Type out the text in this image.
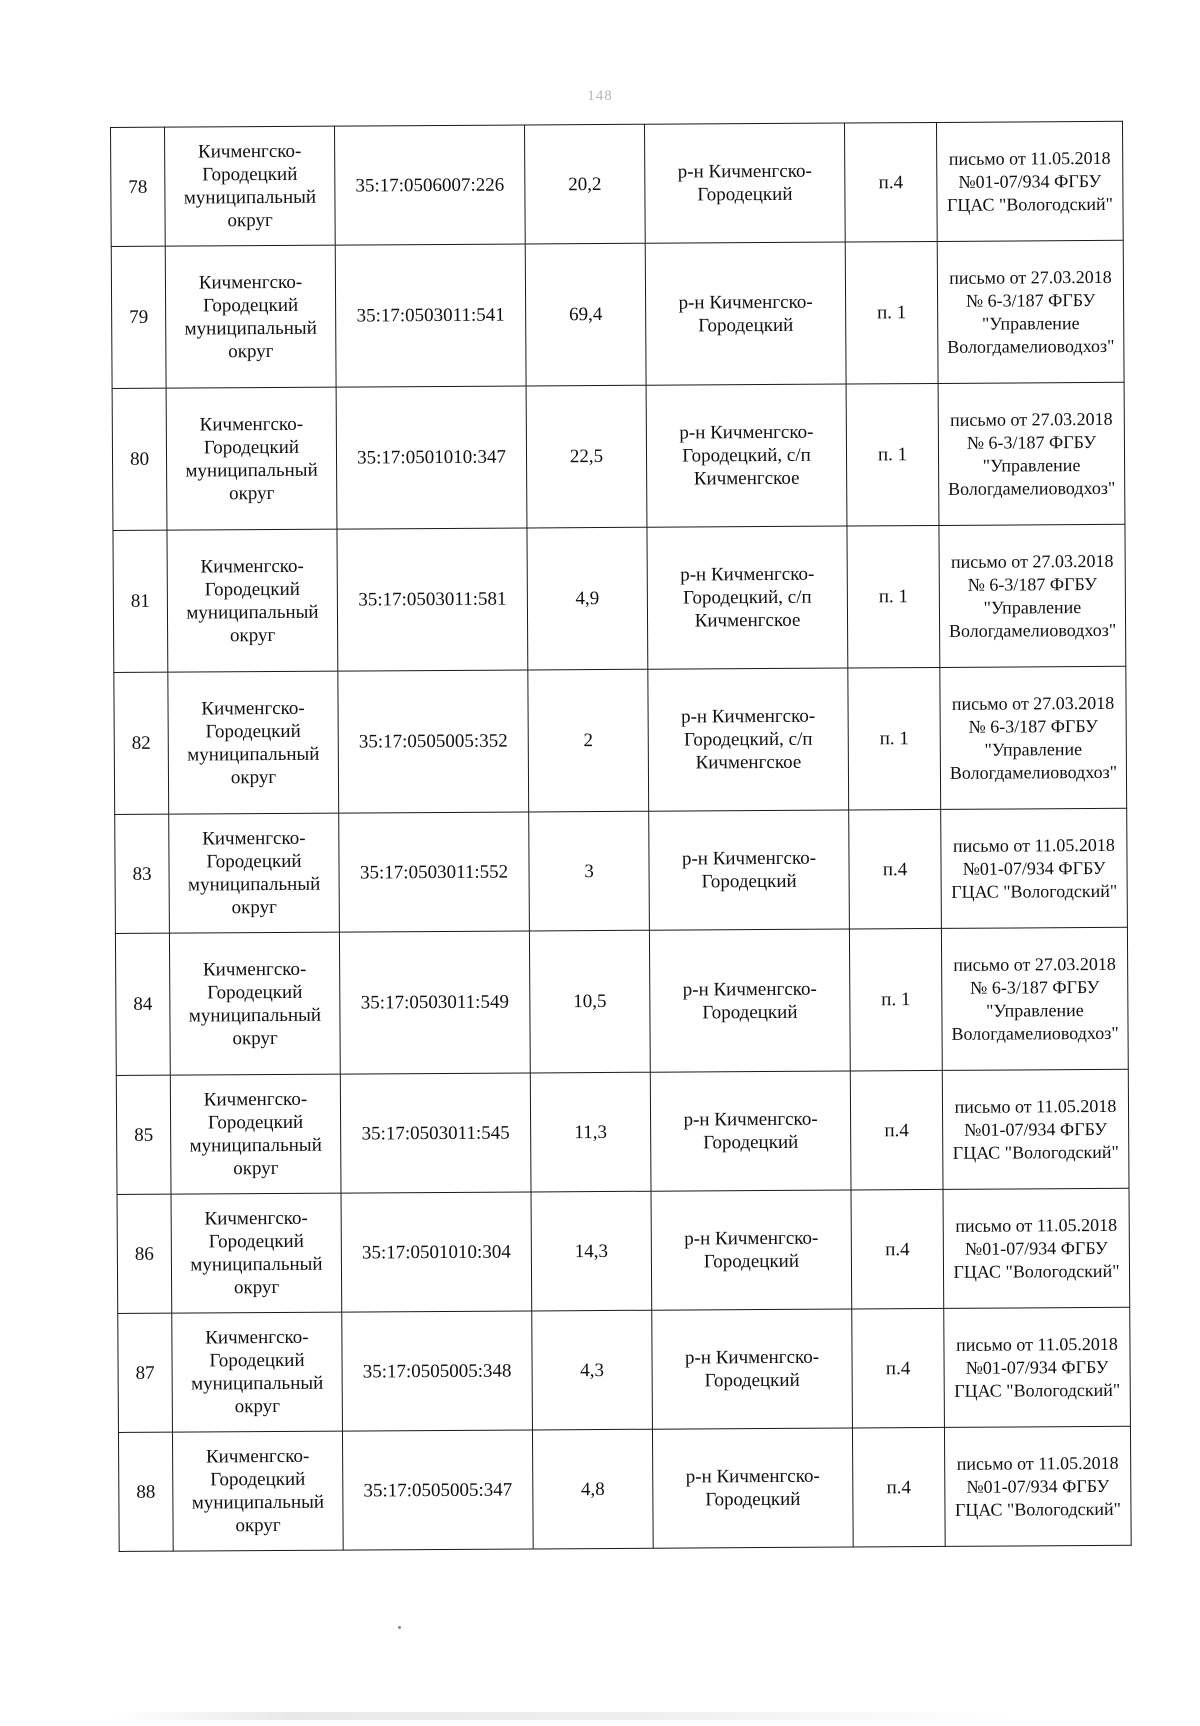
148
78	Кичменгско-Городецкий муниципальный округ	35:17:0506007:226	20,2	р-н Кичменгско-Городецкий	п.4	письмо от 11.05.2018 №01-07/934 ФГБУ ГЦАС "Вологодский"
79	Кичменгско-Городецкий муниципальный округ	35:17:0503011:541	69,4	р-н Кичменгско-Городецкий	п. 1	письмо от 27.03.2018 № 6-3/187 ФГБУ "Управление Вологдамелиоводхоз"
80	Кичменгско-Городецкий муниципальный округ	35:17:0501010:347	22,5	р-н Кичменгско-Городецкий, с/п Кичменгское	п. 1	письмо от 27.03.2018 № 6-3/187 ФГБУ "Управление Вологдамелиоводхоз"
81	Кичменгско-Городецкий муниципальный округ	35:17:0503011:581	4,9	р-н Кичменгско-Городецкий, с/п Кичменгское	п. 1	письмо от 27.03.2018 № 6-3/187 ФГБУ "Управление Вологдамелиоводхоз"
82	Кичменгско-Городецкий муниципальный округ	35:17:0505005:352	2	р-н Кичменгско-Городецкий, с/п Кичменгское	п. 1	письмо от 27.03.2018 № 6-3/187 ФГБУ "Управление Вологдамелиоводхоз"
83	Кичменгско-Городецкий муниципальный округ	35:17:0503011:552	3	р-н Кичменгско-Городецкий	п.4	письмо от 11.05.2018 №01-07/934 ФГБУ ГЦАС "Вологодский"
84	Кичменгско-Городецкий муниципальный округ	35:17:0503011:549	10,5	р-н Кичменгско-Городецкий	п. 1	письмо от 27.03.2018 № 6-3/187 ФГБУ "Управление Вологдамелиоводхоз"
85	Кичменгско-Городецкий муниципальный округ	35:17:0503011:545	11,3	р-н Кичменгско-Городецкий	п.4	письмо от 11.05.2018 №01-07/934 ФГБУ ГЦАС "Вологодский"
86	Кичменгско-Городецкий муниципальный округ	35:17:0501010:304	14,3	р-н Кичменгско-Городецкий	п.4	письмо от 11.05.2018 №01-07/934 ФГБУ ГЦАС "Вологодский"
87	Кичменгско-Городецкий муниципальный округ	35:17:0505005:348	4,3	р-н Кичменгско-Городецкий	п.4	письмо от 11.05.2018 №01-07/934 ФГБУ ГЦАС "Вологодский"
88	Кичменгско-Городецкий муниципальный округ	35:17:0505005:347	4,8	р-н Кичменгско-Городецкий	п.4	письмо от 11.05.2018 №01-07/934 ФГБУ ГЦАС "Вологодский"
